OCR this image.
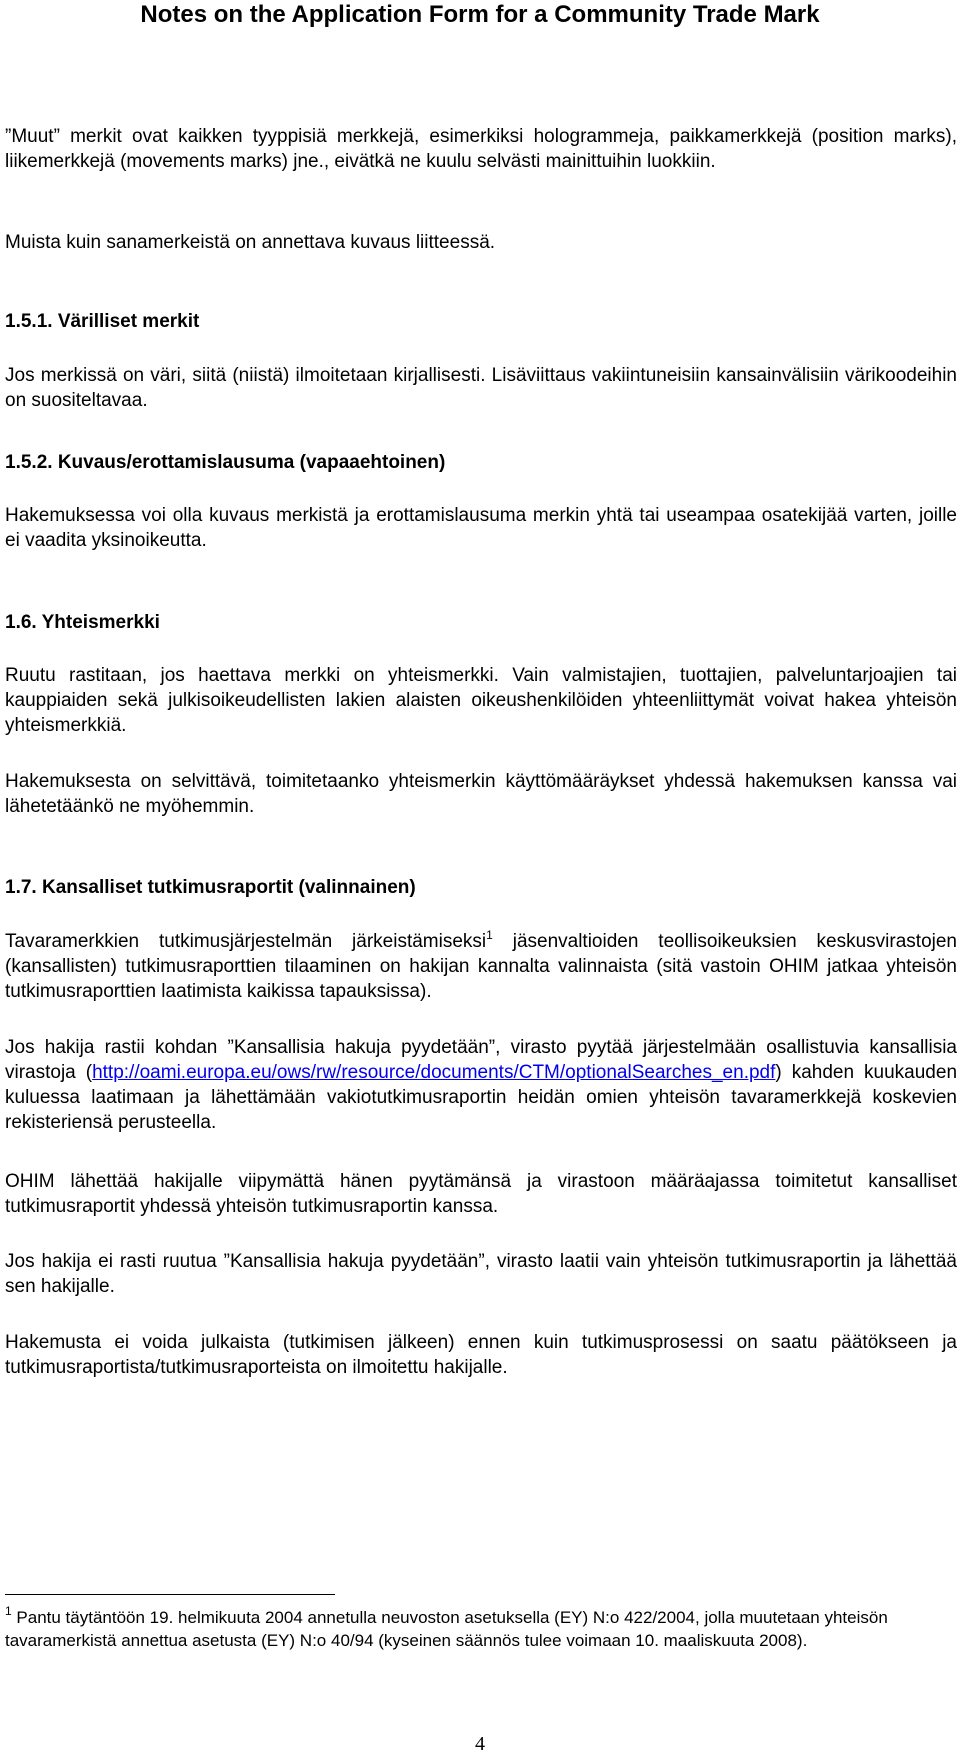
Notes on the Application Form for a Community Trade Mark

”Muut” merkit ovat kaikken tyyppisiä merkkejä, esimerkiksi hologrammeja, paikkamerkkejä (position marks), liikemerkkejä (movements marks) jne., eivätkä ne kuulu selvästi mainittuihin luokkiin.

Muista kuin sanamerkeistä on annettava kuvaus liitteessä.

1.5.1. Värilliset merkit

Jos merkissä on väri, siitä (niistä) ilmoitetaan kirjallisesti. Lisäviittaus vakiintuneisiin kansainvälisiin värikoodeihin on suositeltavaa.

1.5.2. Kuvaus/erottamislausuma (vapaaehtoinen)

Hakemuksessa voi olla kuvaus merkistä ja erottamislausuma merkin yhtä tai useampaa osatekijää varten, joille ei vaadita yksinoikeutta.

1.6. Yhteismerkki

Ruutu rastitaan, jos haettava merkki on yhteismerkki. Vain valmistajien, tuottajien, palveluntarjoajien tai kauppiaiden sekä julkisoikeudellisten lakien alaisten oikeushenkilöiden yhteenliittymät voivat hakea yhteisön yhteismerkkiä.

Hakemuksesta on selvittävä, toimitetaanko yhteismerkin käyttömääräykset yhdessä hakemuksen kanssa vai lähetetäänkö ne myöhemmin.

1.7. Kansalliset tutkimusraportit (valinnainen)

Tavaramerkkien tutkimusjärjestelmän järkeistämiseksi$^1$ jäsenvaltioiden teollisoikeuksien keskusvirastojen (kansallisten) tutkimusraporttien tilaaminen on hakijan kannalta valinnaista (sitä vastoin OHIM jatkaa yhteisön tutkimusraporttien laatimista kaikissa tapauksissa).

Jos hakija rastii kohdan ”Kansallisia hakuja pyydetään”, virasto pyytää järjestelmään osallistuvia kansallisia virastoja (http://oami.europa.eu/ows/rw/resource/documents/CTM/optionalSearches_en.pdf) kahden kuukauden kuluessa laatimaan ja lähettämään vakiotutkimusraportin heidän omien yhteisön tavaramerkkejä koskevien rekisteriensä perusteella.

OHIM lähettää hakijalle viipymättä hänen pyytämänsä ja virastoon määräajassa toimitetut kansalliset tutkimusraportit yhdessä yhteisön tutkimusraportin kanssa.

Jos hakija ei rasti ruutua ”Kansallisia hakuja pyydetään”, virasto laatii vain yhteisön tutkimusraportin ja lähettää sen hakijalle.

Hakemusta ei voida julkaista (tutkimisen jälkeen) ennen kuin tutkimusprosessi on saatu päätökseen ja tutkimusraportista/tutkimusraporteista on ilmoitettu hakijalle.

$^1$ Pantu täytäntöön 19. helmikuuta 2004 annetulla neuvoston asetuksella (EY) N:o 422/2004, jolla muutetaan yhteisön tavaramerkistä annettua asetusta (EY) N:o 40/94 (kyseinen säännös tulee voimaan 10. maaliskuuta 2008).
4
